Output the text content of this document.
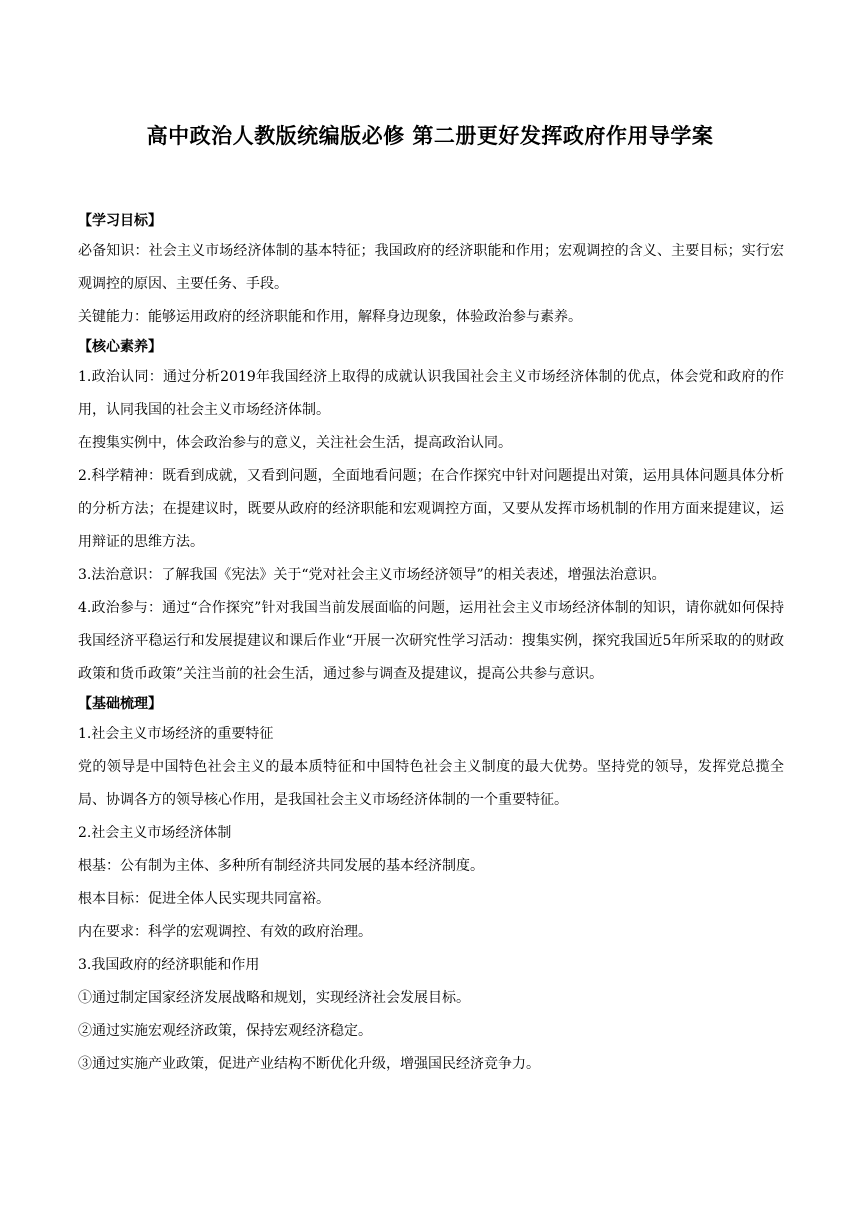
高中政治人教版统编版必修 第二册更好发挥政府作用导学案

【学习目标】

必备知识：社会主义市场经济体制的基本特征；我国政府的经济职能和作用；宏观调控的含义、主要目标；实行宏观调控的原因、主要任务、手段。

关键能力：能够运用政府的经济职能和作用，解释身边现象，体验政治参与素养。

【核心素养】

1.政治认同：通过分析2019年我国经济上取得的成就认识我国社会主义市场经济体制的优点，体会党和政府的作用，认同我国的社会主义市场经济体制。

在搜集实例中，体会政治参与的意义，关注社会生活，提高政治认同。

2.科学精神：既看到成就，又看到问题，全面地看问题；在合作探究中针对问题提出对策，运用具体问题具体分析的分析方法；在提建议时，既要从政府的经济职能和宏观调控方面，又要从发挥市场机制的作用方面来提建议，运用辩证的思维方法。

3.法治意识：了解我国《宪法》关于“党对社会主义市场经济领导”的相关表述，增强法治意识。

4.政治参与：通过“合作探究”针对我国当前发展面临的问题，运用社会主义市场经济体制的知识，请你就如何保持我国经济平稳运行和发展提建议和课后作业“开展一次研究性学习活动：搜集实例，探究我国近5年所采取的的财政政策和货币政策”关注当前的社会生活，通过参与调查及提建议，提高公共参与意识。

【基础梳理】

1.社会主义市场经济的重要特征

党的领导是中国特色社会主义的最本质特征和中国特色社会主义制度的最大优势。坚持党的领导，发挥党总揽全局、协调各方的领导核心作用，是我国社会主义市场经济体制的一个重要特征。

2.社会主义市场经济体制

根基：公有制为主体、多种所有制经济共同发展的基本经济制度。

根本目标：促进全体人民实现共同富裕。

内在要求：科学的宏观调控、有效的政府治理。

3.我国政府的经济职能和作用

①通过制定国家经济发展战略和规划，实现经济社会发展目标。

②通过实施宏观经济政策，保持宏观经济稳定。

③通过实施产业政策，促进产业结构不断优化升级，增强国民经济竞争力。
